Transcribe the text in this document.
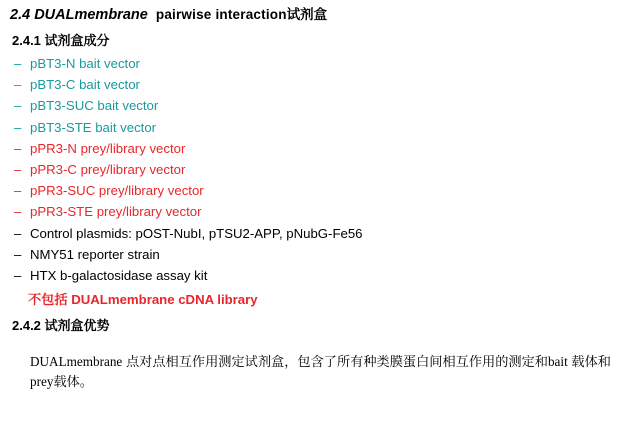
2.4 DUALmembrane pairwise interaction试剂盒
2.4.1 试剂盒成分
– pBT3-N bait vector
– pBT3-C bait vector
– pBT3-SUC bait vector
– pBT3-STE bait vector
– pPR3-N prey/library vector
– pPR3-C prey/library vector
– pPR3-SUC prey/library vector
– pPR3-STE prey/library vector
– Control plasmids: pOST-NubI, pTSU2-APP, pNubG-Fe56
– NMY51 reporter strain
– HTX b-galactosidase assay kit
不包括 DUALmembrane cDNA library
2.4.2 试剂盒优势
DUALmembrane 点对点相互作用测定试剂盒，包含了所有种类膜蛋白间相互作用的测定和bait 载体和prey载体。
